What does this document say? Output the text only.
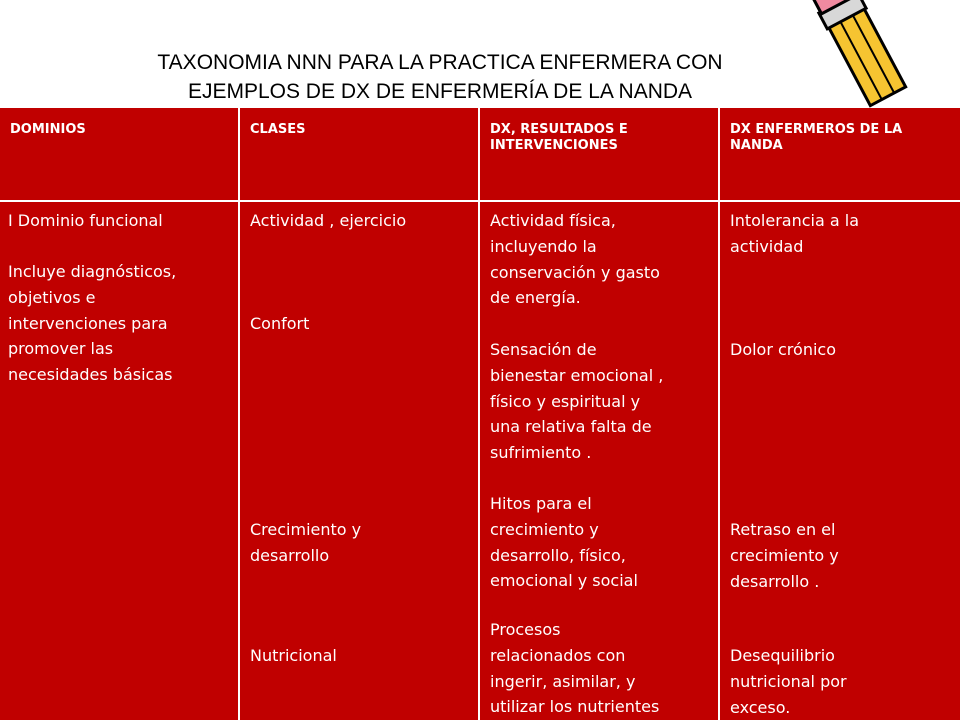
TAXONOMIA NNN PARA LA PRACTICA ENFERMERA CON
EJEMPLOS DE DX DE ENFERMERÍA DE LA NANDA
DOMINIOS	CLASES	DX, RESULTADOS E INTERVENCIONES
DX ENFERMEROS DE LA NANDA
I Dominio funcional
Incluye diagnósticos,
objetivos e
intervenciones para
promover las
necesidades básicas
Actividad , ejercicio
Confort
Crecimiento y
desarrollo
Nutricional
Actividad física,
incluyendo la
conservación y gasto
de energía.
Sensación de
bienestar emocional ,
físico y espiritual y
una relativa falta de
sufrimiento .
Hitos para el
crecimiento y
desarrollo, físico,
emocional y social
Procesos
relacionados con
ingerir, asimilar, y
utilizar los nutrientes
Intolerancia a la
actividad
Dolor crónico
Retraso en el
crecimiento y
desarrollo .
Desequilibrio
nutricional por
exceso.
